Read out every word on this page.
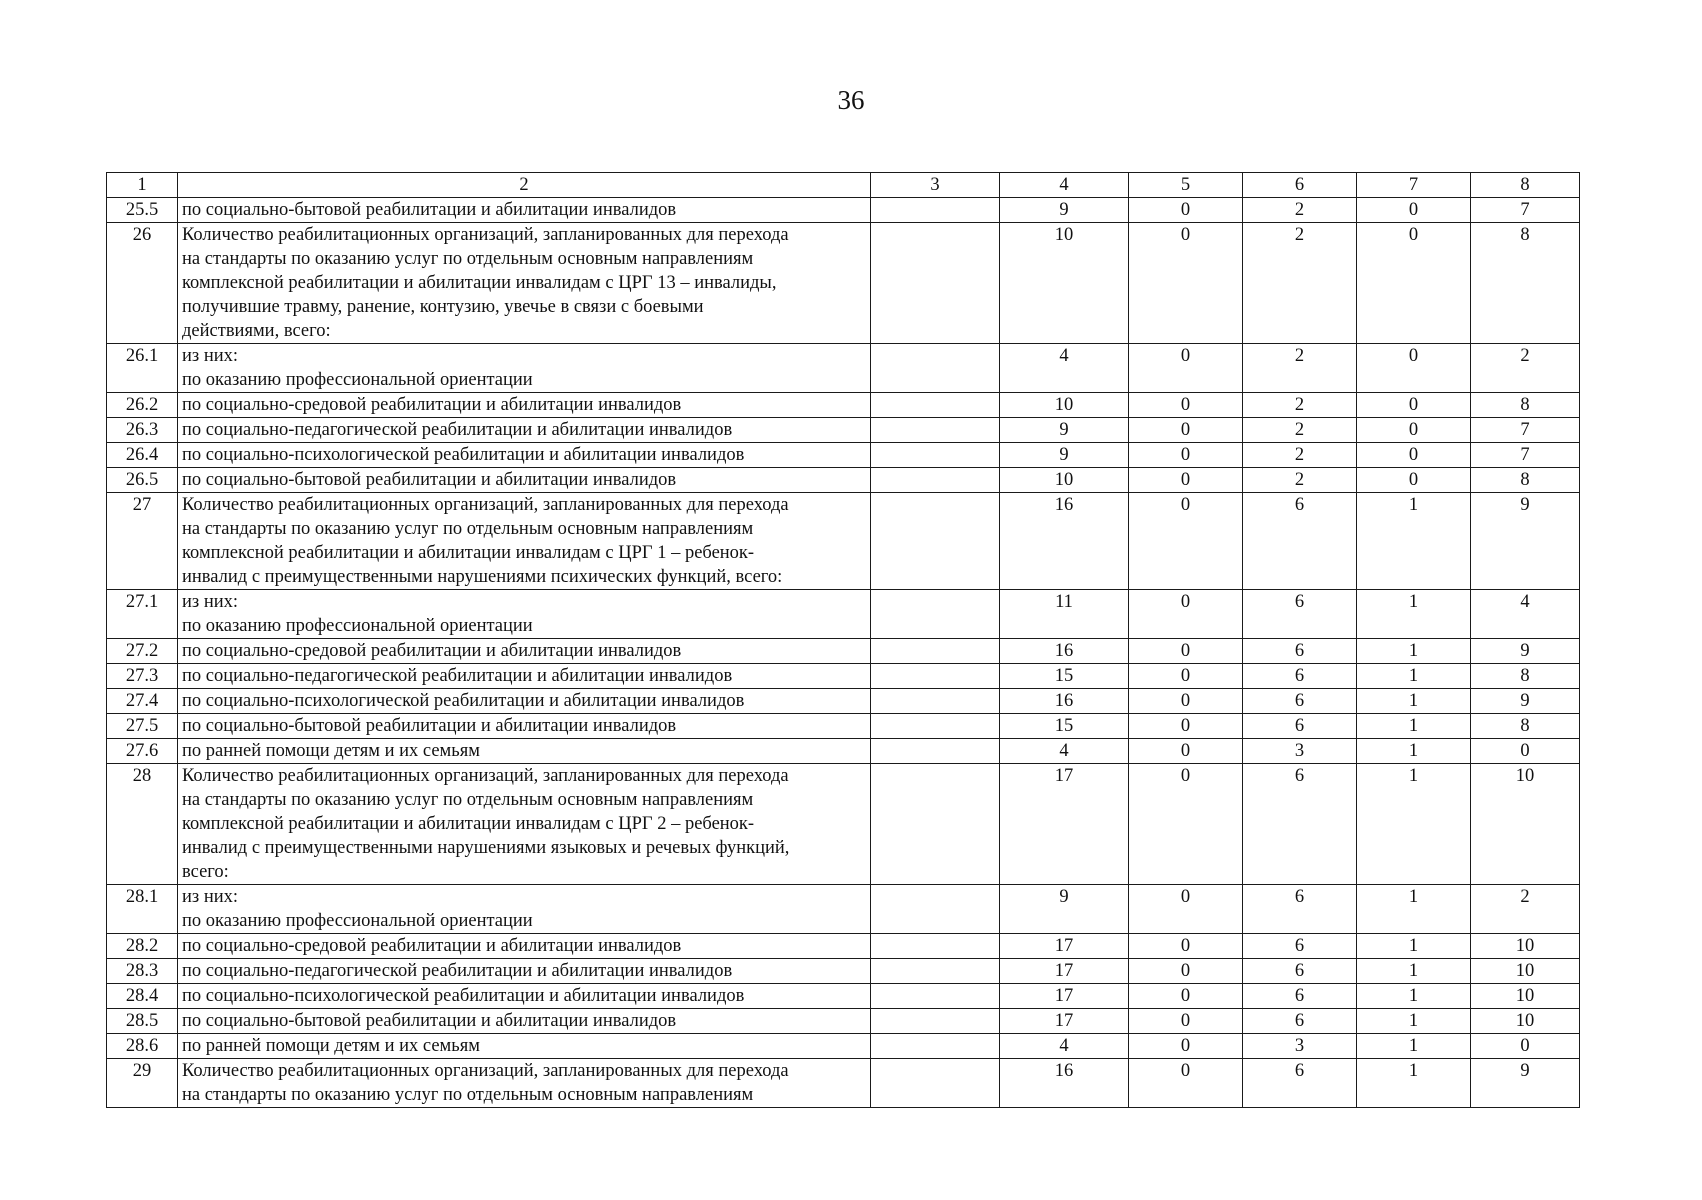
36
1	2	3	4	5	6	7	8
25.5	по социально-бытовой реабилитации и абилитации инвалидов		9	0	2	0	7
26	Количество реабилитационных организаций, запланированных для перехода
на стандарты по оказанию услуг по отдельным основным направлениям
комплексной реабилитации и абилитации инвалидам с ЦРГ 13 – инвалиды,
получившие травму, ранение, контузию, увечье в связи с боевыми
действиями, всего:		10	0	2	0	8
26.1	из них:
по оказанию профессиональной ориентации		4	0	2	0	2
26.2	по социально-средовой реабилитации и абилитации инвалидов		10	0	2	0	8
26.3	по социально-педагогической реабилитации и абилитации инвалидов		9	0	2	0	7
26.4	по социально-психологической реабилитации и абилитации инвалидов		9	0	2	0	7
26.5	по социально-бытовой реабилитации и абилитации инвалидов		10	0	2	0	8
27	Количество реабилитационных организаций, запланированных для перехода
на стандарты по оказанию услуг по отдельным основным направлениям
комплексной реабилитации и абилитации инвалидам с ЦРГ 1 – ребенок-
инвалид с преимущественными нарушениями психических функций, всего:		16	0	6	1	9
27.1	из них:
по оказанию профессиональной ориентации		11	0	6	1	4
27.2	по социально-средовой реабилитации и абилитации инвалидов		16	0	6	1	9
27.3	по социально-педагогической реабилитации и абилитации инвалидов		15	0	6	1	8
27.4	по социально-психологической реабилитации и абилитации инвалидов		16	0	6	1	9
27.5	по социально-бытовой реабилитации и абилитации инвалидов		15	0	6	1	8
27.6	по ранней помощи детям и их семьям		4	0	3	1	0
28	Количество реабилитационных организаций, запланированных для перехода
на стандарты по оказанию услуг по отдельным основным направлениям
комплексной реабилитации и абилитации инвалидам с ЦРГ 2 – ребенок-
инвалид с преимущественными нарушениями языковых и речевых функций,
всего:		17	0	6	1	10
28.1	из них:
по оказанию профессиональной ориентации		9	0	6	1	2
28.2	по социально-средовой реабилитации и абилитации инвалидов		17	0	6	1	10
28.3	по социально-педагогической реабилитации и абилитации инвалидов		17	0	6	1	10
28.4	по социально-психологической реабилитации и абилитации инвалидов		17	0	6	1	10
28.5	по социально-бытовой реабилитации и абилитации инвалидов		17	0	6	1	10
28.6	по ранней помощи детям и их семьям		4	0	3	1	0
29	Количество реабилитационных организаций, запланированных для перехода
на стандарты по оказанию услуг по отдельным основным направлениям		16	0	6	1	9
